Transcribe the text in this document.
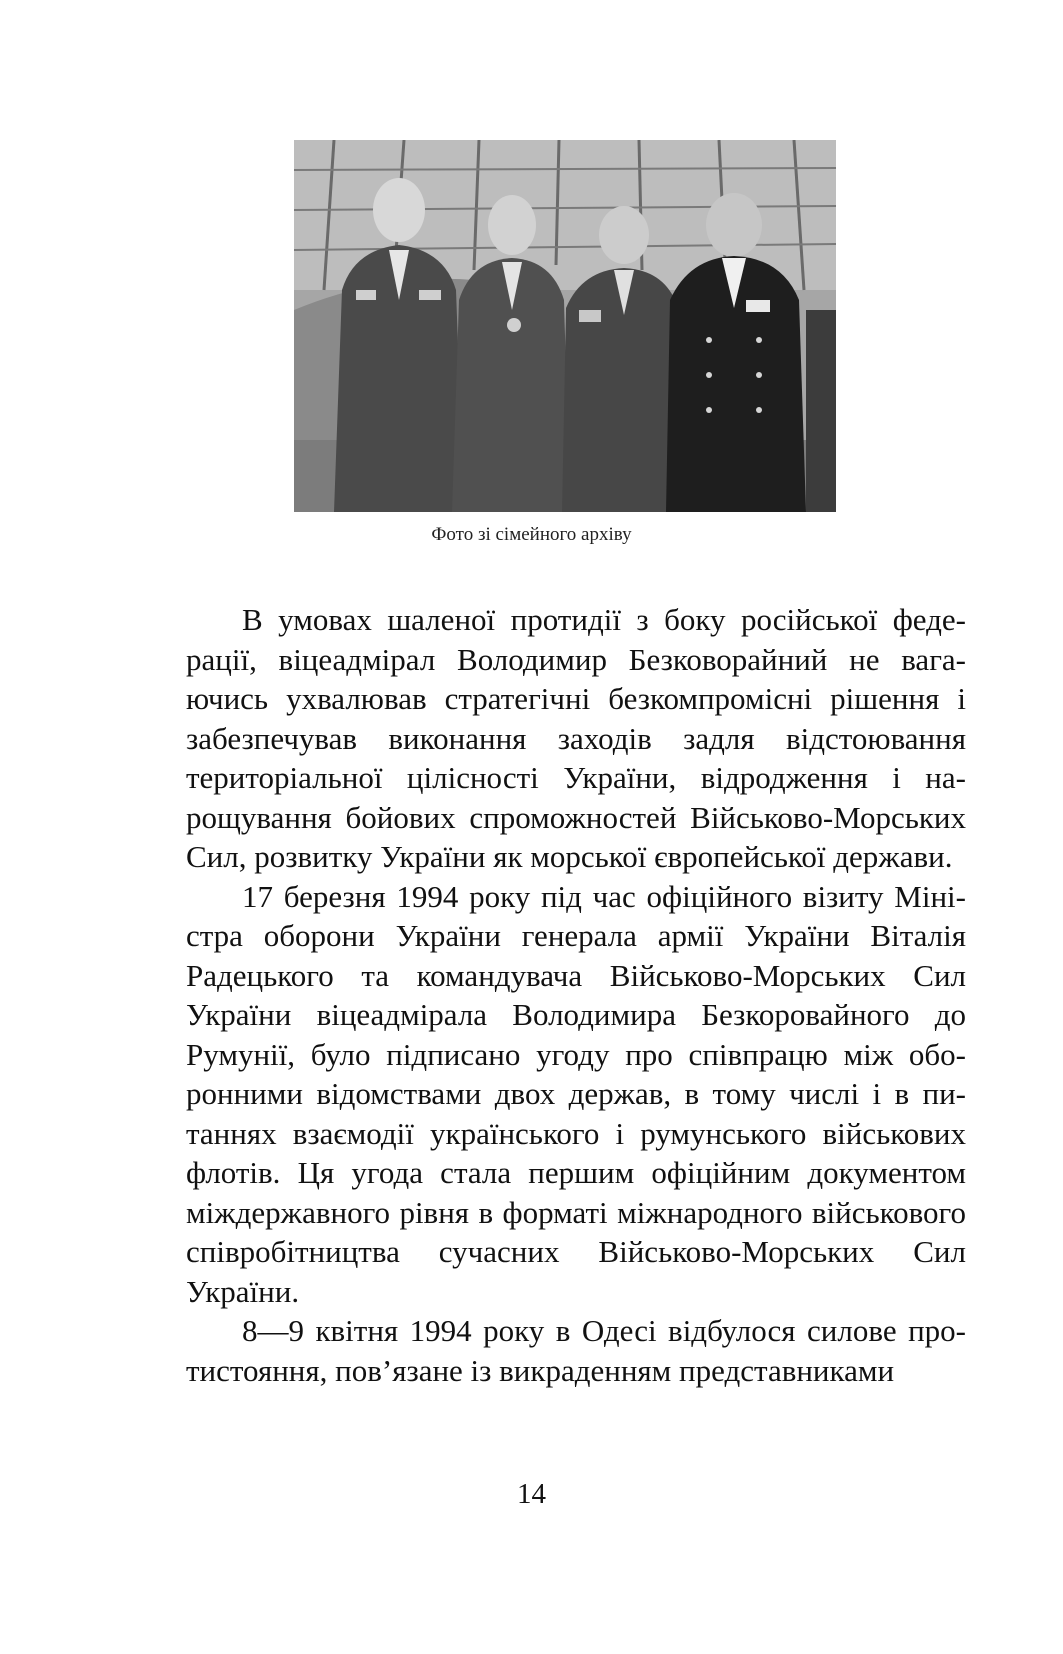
Фото зі сімейного архіву

В умовах шаленої протидії з боку російської федерації, віцеадмірал Володимир Безковорайний не вагаючись ухвалював стратегічні безкомпромісні рішення і забезпечував виконання заходів задля відстоювання територіальної цілісності України, відродження і нарощування бойових спроможностей Військово-Морських Сил, розвитку України як морської європейської держави.

17 березня 1994 року під час офіційного візиту Міністра оборони України генерала армії України Віталія Радецького та командувача Військово-Морських Сил України віцеадмірала Володимира Безкоровайного до Румунії, було підписано угоду про співпрацю між оборонними відомствами двох держав, в тому числі і в питаннях взаємодії українського і румунського військових флотів. Ця угода стала першим офіційним документом міждержавного рівня в форматі міжнародного військового співробітництва сучасних Військово-Морських Сил України.

8—9 квітня 1994 року в Одесі відбулося силове протистояння, пов’язане із викраденням представниками

14
